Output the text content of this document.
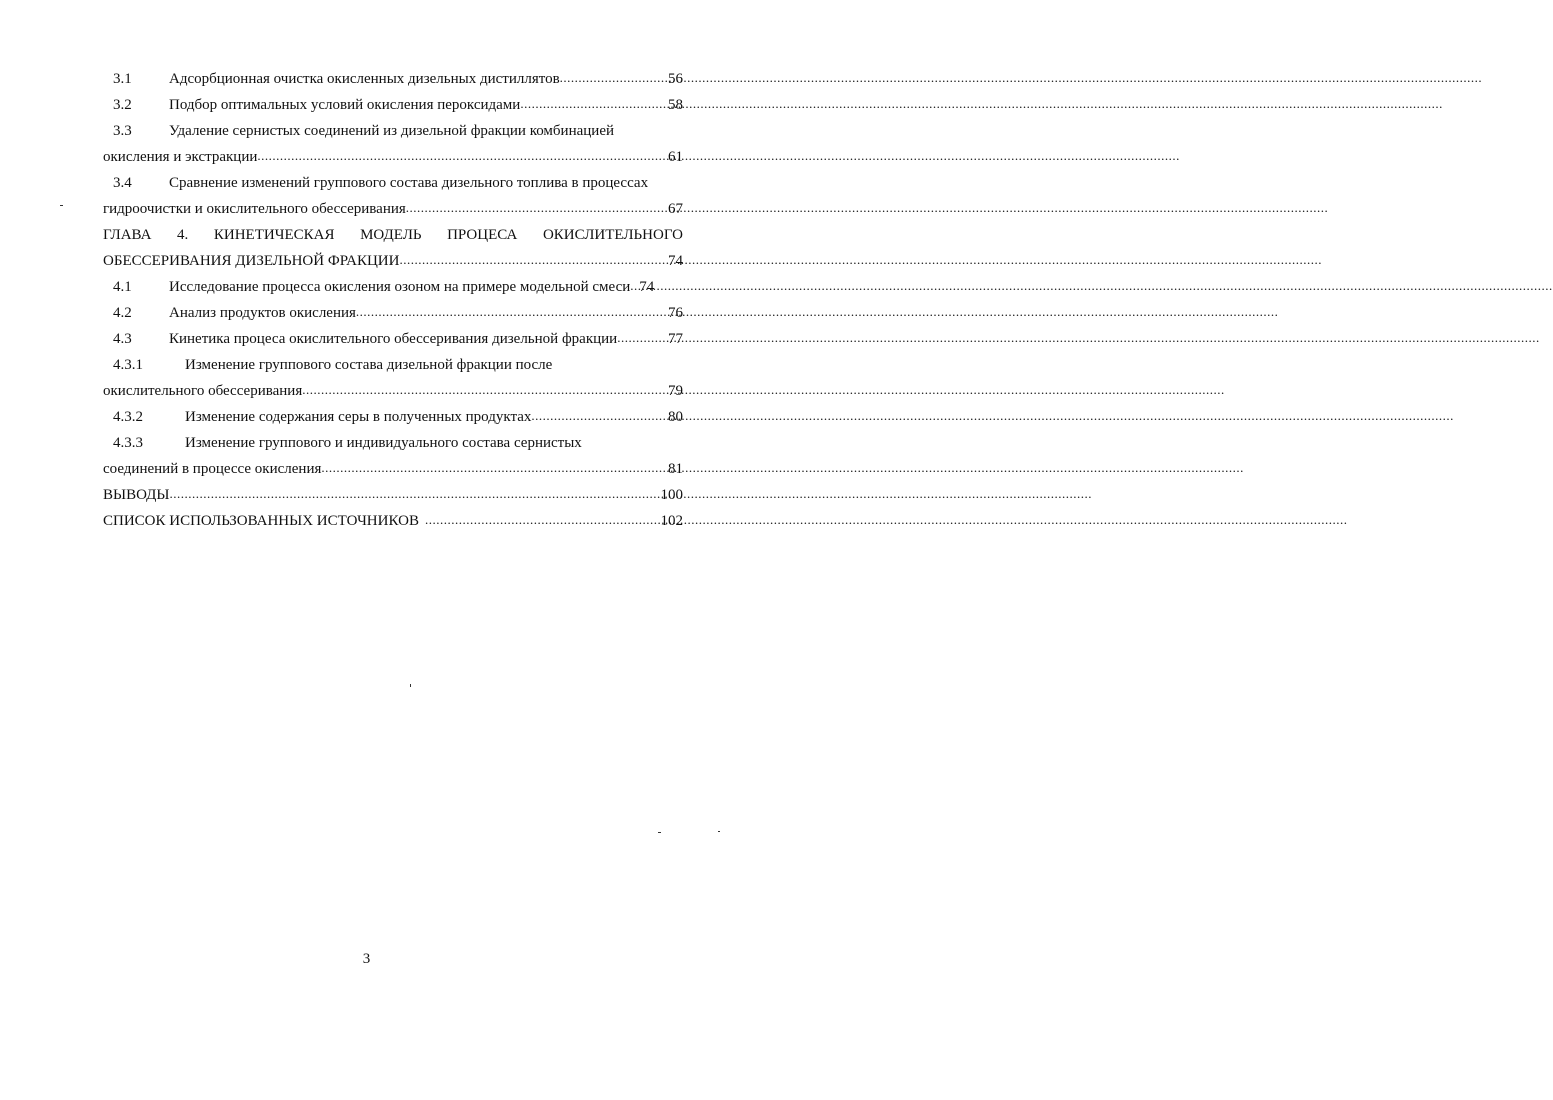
3.1	Адсорбционная очистка окисленных дизельных дистиллятов .....	56
3.2	Подбор оптимальных условий окисления пероксидами .....	58
3.3	Удаление сернистых соединений из дизельной фракции комбинацией
окисления и экстракции .....	61
3.4	Сравнение изменений группового состава дизельного топлива в процессах
гидроочистки и окислительного обессеривания .....	67
ГЛАВА 4. КИНЕТИЧЕСКАЯ МОДЕЛЬ ПРОЦЕСА ОКИСЛИТЕЛЬНОГО
ОБЕССЕРИВАНИЯ ДИЗЕЛЬНОЙ ФРАКЦИИ .....	74
4.1	Исследование процесса окисления озоном на примере модельной смеси ..... 74
4.2	Анализ продуктов окисления .....	76
4.3	Кинетика процеса окислительного обессеривания дизельной фракции .....	77
4.3.1	Изменение группового состава дизельной фракции после
окислительного обессеривания .....	79
4.3.2	Изменение содержания серы в полученных продуктах .....	80
4.3.3	Изменение группового и индивидуального состава сернистых
соединений в процессе окисления .....	81
ВЫВОДЫ .....	100
СПИСОК ИСПОЛЬЗОВАННЫХ ИСТОЧНИКОВ .....	102
3
